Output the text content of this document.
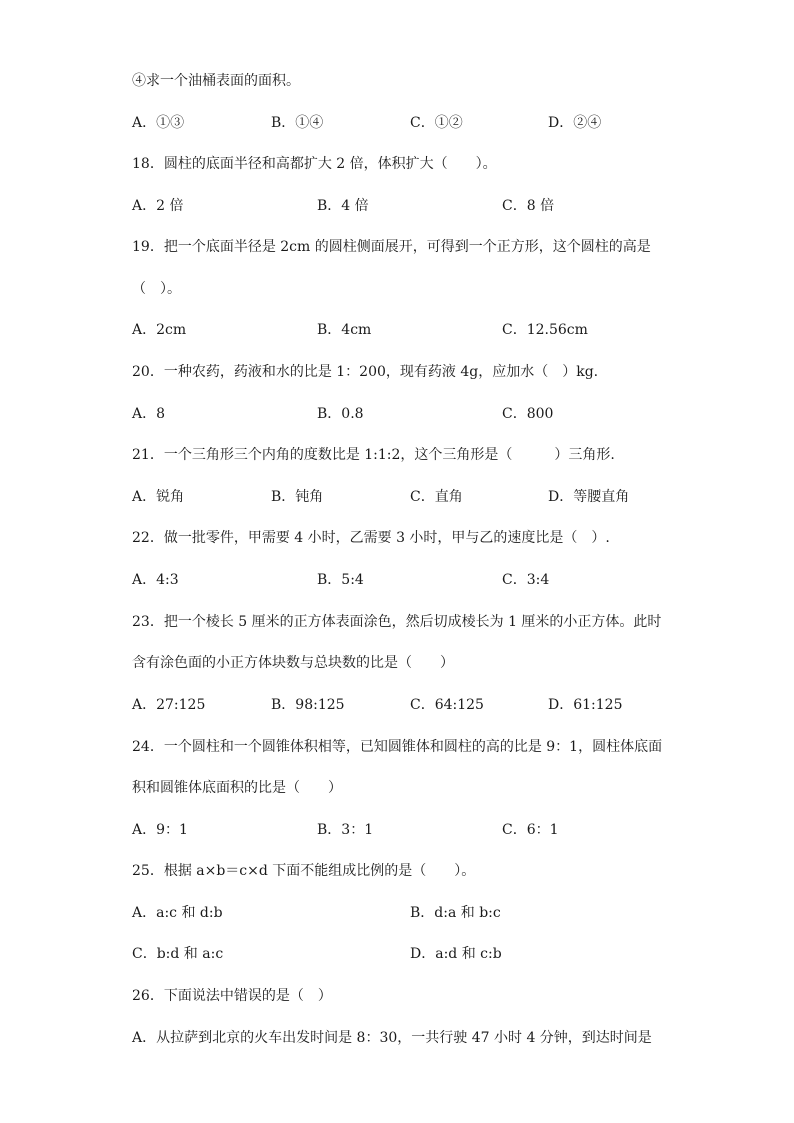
④求一个油桶表面的面积。
A．①③	B．①④	C．①②	D．②④
18．圆柱的底面半径和高都扩大 2 倍，体积扩大（　　）。
A．2 倍	B．4 倍	C．8 倍
19．把一个底面半径是 2cm 的圆柱侧面展开，可得到一个正方形，这个圆柱的高是
（　）。
A．2cm	B．4cm	C．12.56cm
20．一种农药，药液和水的比是 1：200，现有药液 4g，应加水（　）kg.
A．8	B．0.8	C．800
21．一个三角形三个内角的度数比是 1:1:2，这个三角形是（　　　）三角形.
A．锐角	B．钝角	C．直角	D．等腰直角
22．做一批零件，甲需要 4 小时，乙需要 3 小时，甲与乙的速度比是（　）.
A．4:3	B．5:4	C．3:4
23．把一个棱长 5 厘米的正方体表面涂色，然后切成棱长为 1 厘米的小正方体。此时
含有涂色面的小正方体块数与总块数的比是（　　）
A．27:125	B．98:125	C．64:125	D．61:125
24．一个圆柱和一个圆锥体积相等，已知圆锥体和圆柱的高的比是 9：1，圆柱体底面
积和圆锥体底面积的比是（　　）
A．9：1	B．3：1	C．6：1
25．根据 a×b＝c×d 下面不能组成比例的是（　　）。
A．a:c 和 d:b	B．d:a 和 b:c
C．b:d 和 a:c	D．a:d 和 c:b
26．下面说法中错误的是（　）
A．从拉萨到北京的火车出发时间是 8：30，一共行驶 47 小时 4 分钟，到达时间是
